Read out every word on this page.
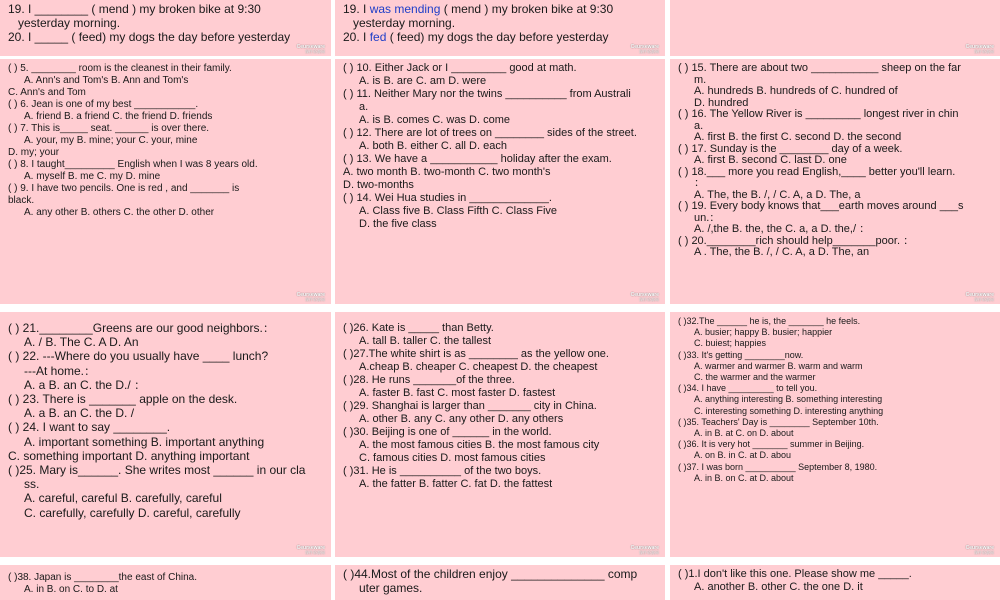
19. I ________ ( mend ) my broken bike at 9:30
yesterday morning.
20. I _____ ( feed) my dogs the day before yesterday
Ceurseware
课件资源网
19. I was mending ( mend ) my broken bike at 9:30
yesterday morning.
20. I fed ( feed) my dogs the day before yesterday
Ceurseware
课件资源网
Ceurseware
课件资源网
( ) 5. ________ room is the cleanest in their family.
A. Ann's and Tom's B. Ann and Tom's
C. Ann's and Tom
( ) 6. Jean is one of my best ___________.
A. friend B. a friend C. the friend D. friends
( ) 7. This is_____ seat. ______ is over there.
A. your, my B. mine; your C. your, mine
D. my; your
( ) 8. I taught_________ English when I was 8 years old.
A. myself B. me C. my D. mine
( ) 9. I have two pencils. One is red , and _______ is
black.
A. any other B. others C. the other D. other
Ceurseware
课件资源网
( ) 10. Either Jack or I _________ good at math.
A. is B. are C. am D. were
( ) 11. Neither Mary nor the twins __________ from Australi
a.
A. is B. comes C. was D. come
( ) 12. There are lot of trees on ________ sides of the street.
A. both B. either C. all D. each
( ) 13. We have a ___________ holiday after the exam.
A. two month B. two-month C. two month's
D. two-months
( ) 14. Wei Hua studies in _____________.
A. Class five B. Class Fifth C. Class Five
D. the five class
Ceurseware
课件资源网
( ) 15. There are about two ___________ sheep on the far
m.
A. hundreds B. hundreds of C. hundred of
D. hundred
( ) 16. The Yellow River is _________ longest river in chin
a.
A. first B. the first C. second D. the second
( ) 17. Sunday is the ________ day of a week.
A. first B. second C. last D. one
( ) 18.___ more you read English,____ better you'll learn.
：
A. The, the B. /, / C. A, a D. The, a
( ) 19. Every body knows that___earth moves around ___s
un.：
A. /,the B. the, the C. a, a D. the,/ ：
( ) 20.________rich should help_______poor. ：
A . The, the B. /, / C. A, a D. The, an
Ceurseware
课件资源网
( ) 21.________Greens are our good neighbors.：
A. / B. The C. A D. An
( ) 22. ---Where do you usually have ____ lunch?
---At home.：
A. a B. an C. the D./ ：
( ) 23. There is _______ apple on the desk.
A. a B. an C. the D. /
( ) 24. I want to say ________.
A. important something B. important anything
C. something important D. anything important
( )25. Mary is______. She writes most ______ in our cla
ss.
A. careful, careful B. carefully, careful
C. carefully, carefully D. careful, carefully
Ceurseware
课件资源网
( )26. Kate is _____ than Betty.
A. tall B. taller C. the tallest
( )27.The white shirt is as ________ as the yellow one.
A.cheap B. cheaper C. cheapest D. the cheapest
( )28. He runs _______of the three.
A. faster B. fast C. most faster D. fastest
( )29. Shanghai is larger than _______ city in China.
A. other B. any C. any other D. any others
( )30. Beijing is one of ______ in the world.
A. the most famous cities B. the most famous city
C. famous cities D. most famous cities
( )31. He is __________ of the two boys.
A. the fatter B. fatter C. fat D. the fattest
Ceurseware
课件资源网
( )32.The ______ he is, the _______ he feels.
A. busier; happy B. busier; happier
C. buiest; happies
( )33. It's getting ________now.
A. warmer and warmer B. warm and warm
C. the warmer and the warmer
( )34. I have _________ to tell you.
A. anything interesting B. something interesting
C. interesting something D. interesting anything
( )35. Teachers' Day is ________ September 10th.
A. in B. at C. on D. about
( )36. It is very hot _______ summer in Beijing.
A. on B. in C. at D. abou
( )37. I was born __________ September 8, 1980.
A. in B. on C. at D. about
Ceurseware
课件资源网
( )38. Japan is ________the east of China.
A. in B. on C. to D. at
( )44.Most of the children enjoy ______________ comp
uter games.
( )1.I don't like this one. Please show me _____.
A. another B. other C. the one D. it
